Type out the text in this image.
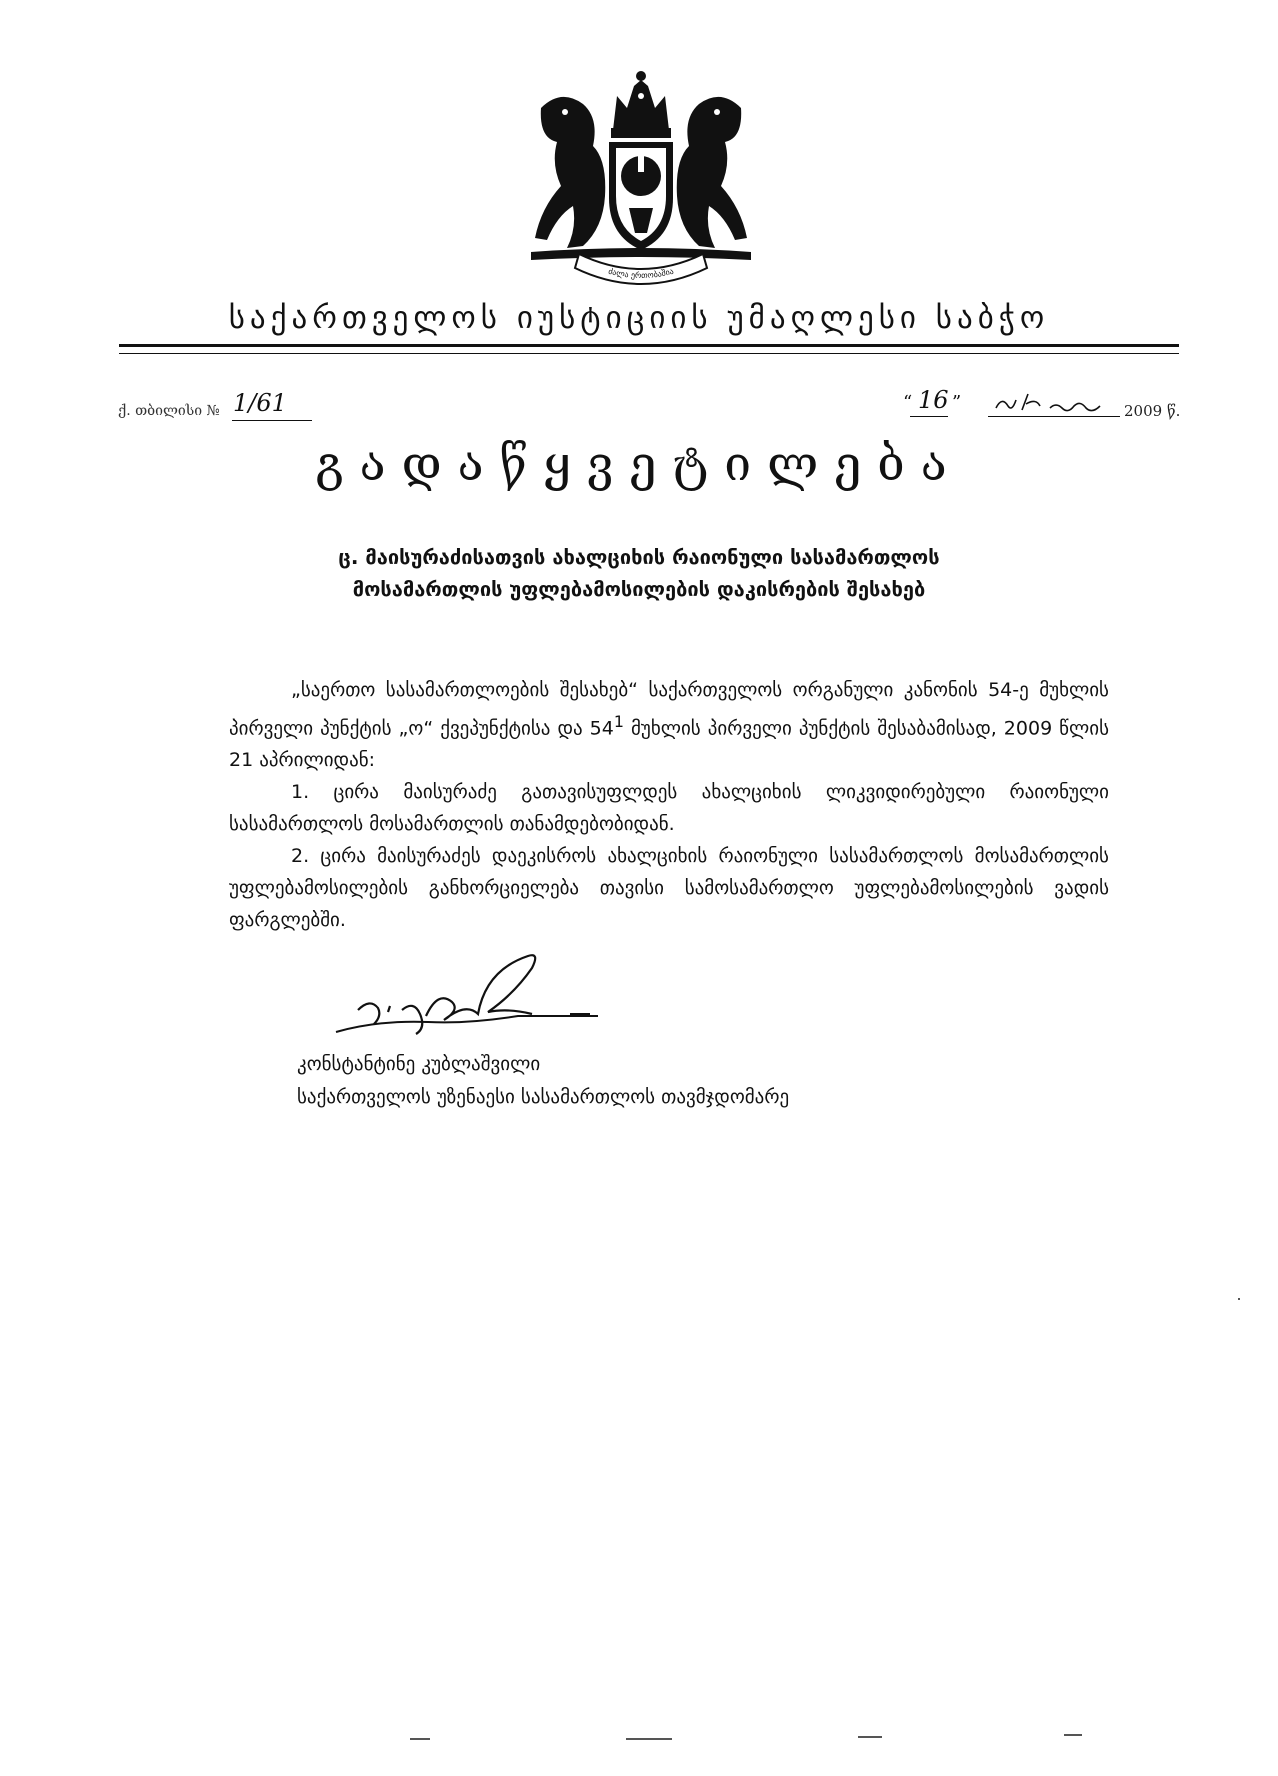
ძალა ერთობაშია
საქართველოს იუსტიციის უმაღლესი საბჭო
ქ. თბილისი № 1/61	“ 16 ”	2009 წ.
გადაწყვეტილება
ც. მაისურაძისათვის ახალციხის რაიონული სასამართლოს
მოსამართლის უფლებამოსილების დაკისრების შესახებ

„საერთო სასამართლოების შესახებ“ საქართველოს ორგანული კანონის 54-ე მუხლის პირველი პუნქტის „ო“ ქვეპუნქტისა და $54^1$ მუხლის პირველი პუნქტის შესაბამისად, 2009 წლის 21 აპრილიდან:

1. ცირა მაისურაძე გათავისუფლდეს ახალციხის ლიკვიდირებული რაიონული სასამართლოს მოსამართლის თანამდებობიდან.

2. ცირა მაისურაძეს დაეკისროს ახალციხის რაიონული სასამართლოს მოსამართლის უფლებამოსილების განხორციელება თავისი სამოსამართლო უფლებამოსილების ვადის ფარგლებში.

კონსტანტინე კუბლაშვილი
საქართველოს უზენაესი სასამართლოს თავმჯდომარე
